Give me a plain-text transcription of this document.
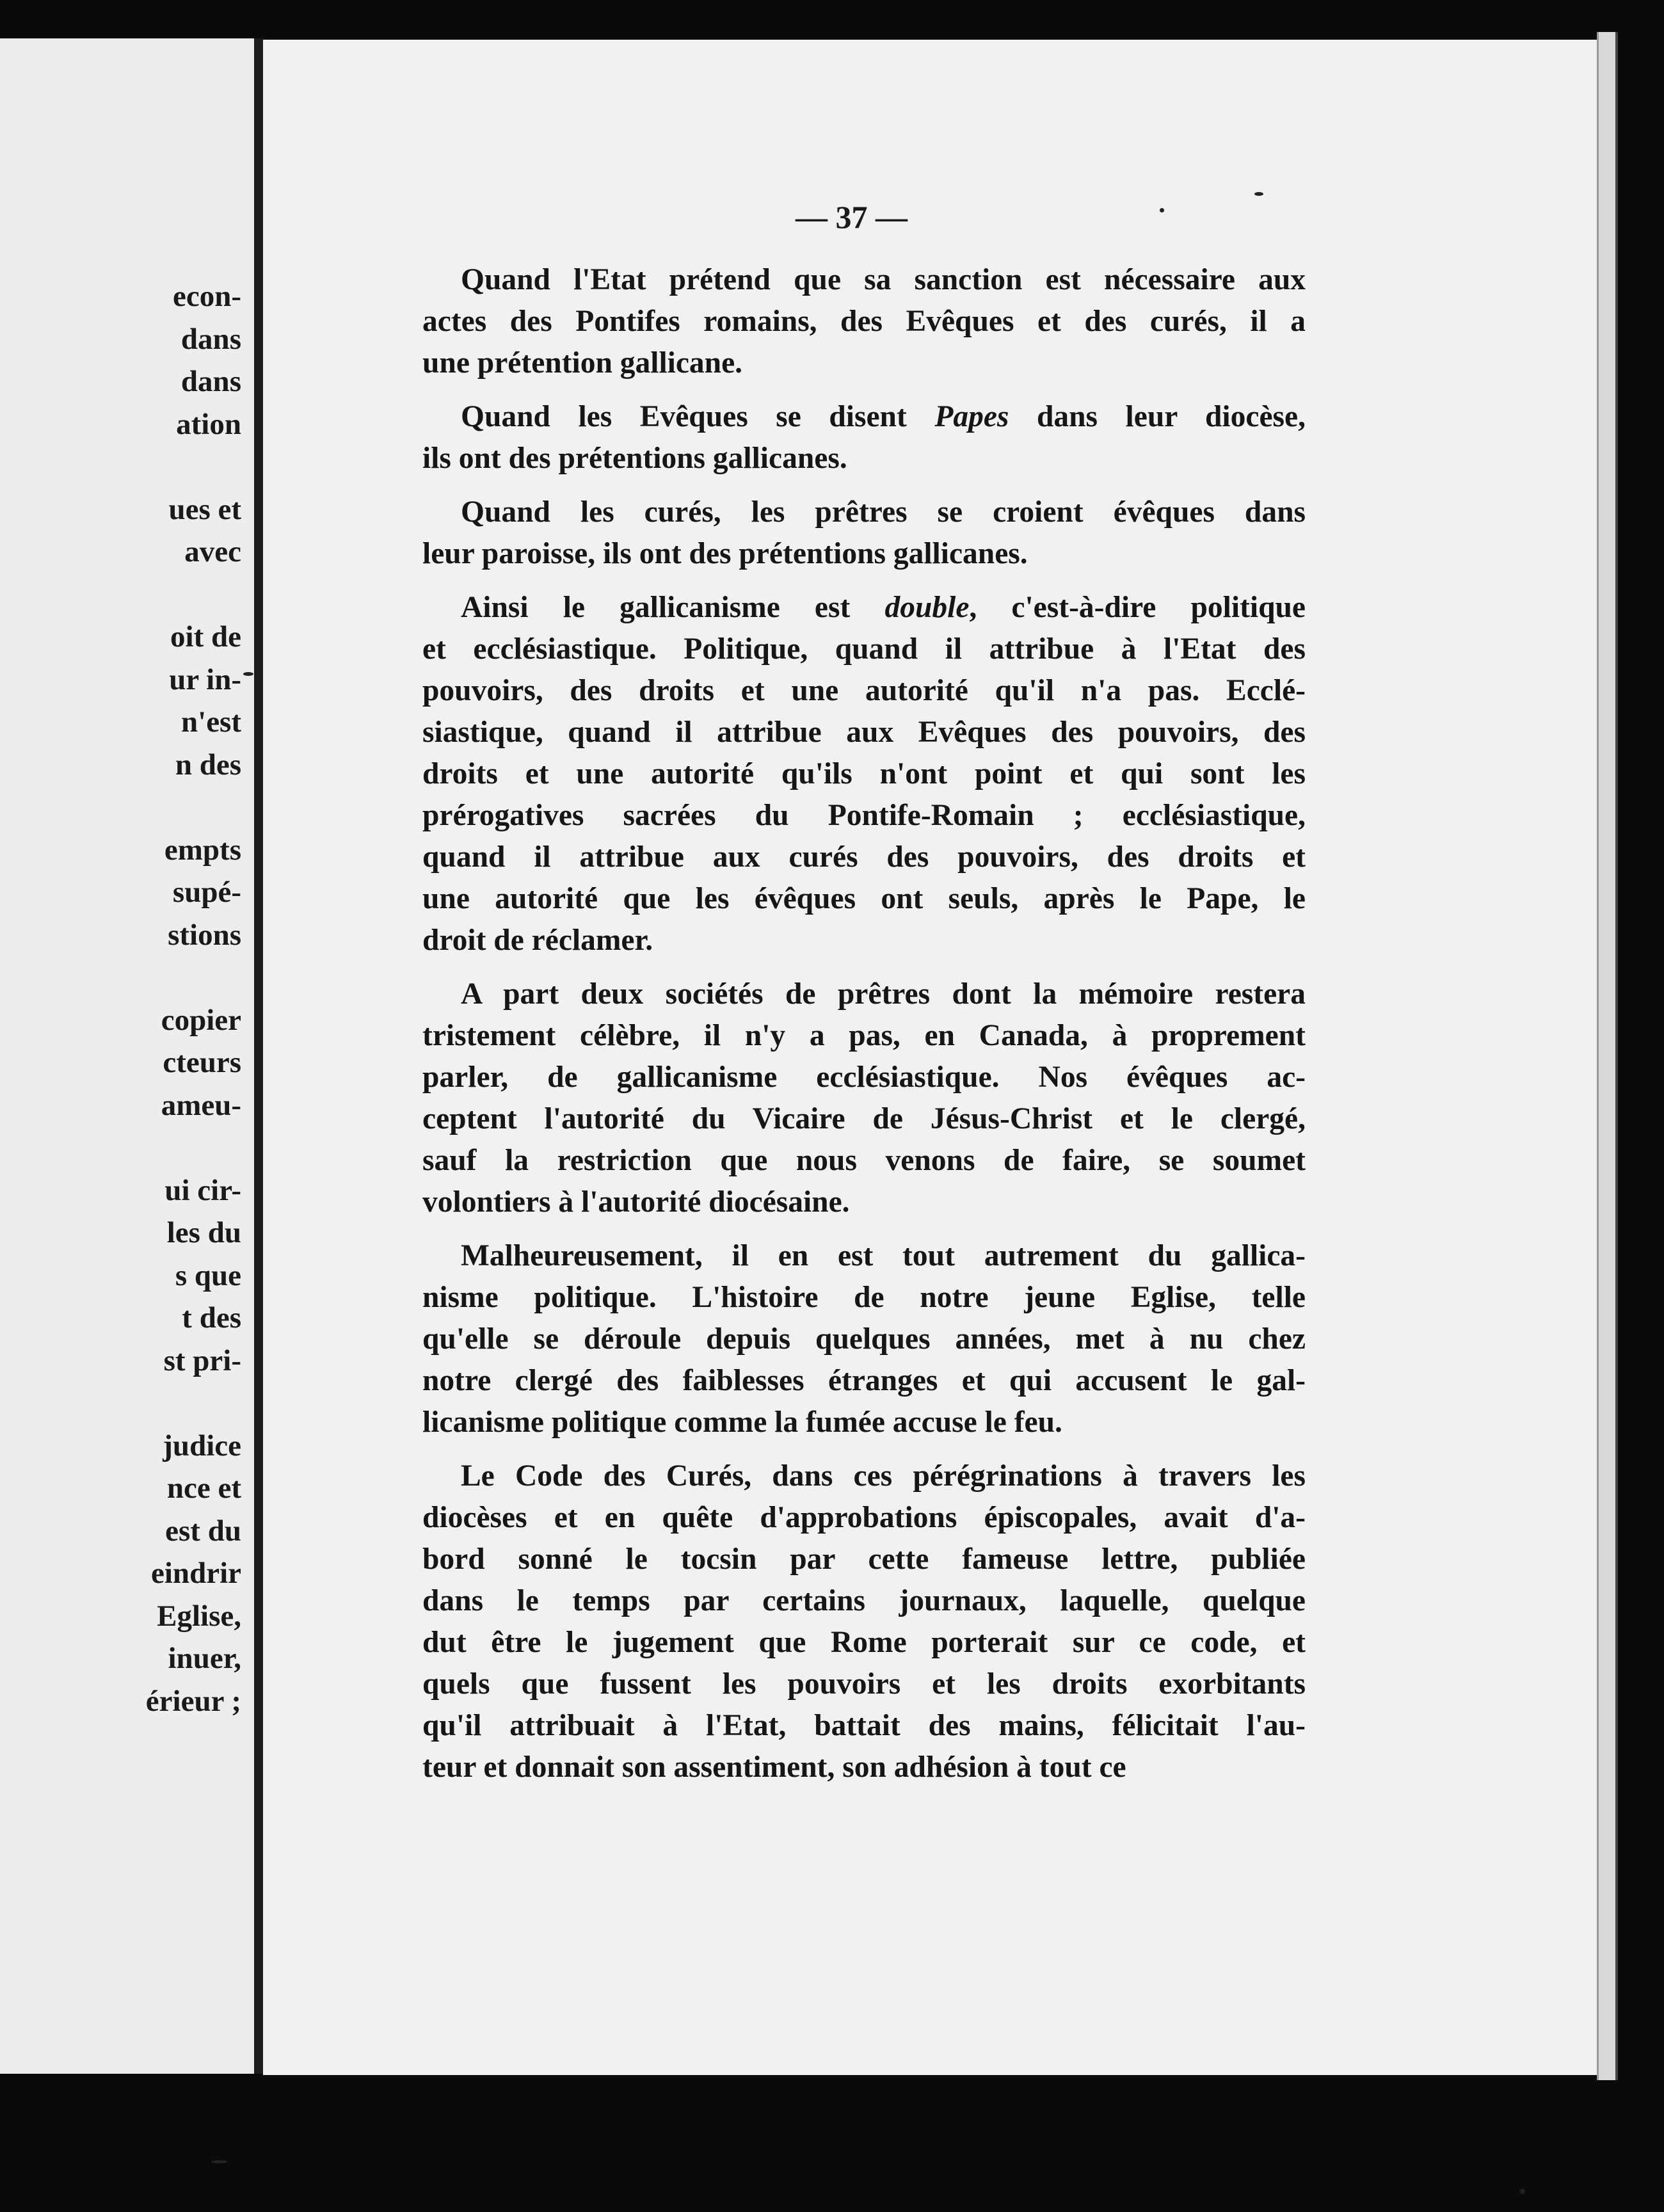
econ-
dans
dans
ation
ues et
avec
oit de
ur in-
n'est
n des
empts
supé-
stions
copier
cteurs
ameu-
ui cir-
les du
s que
t des
st pri-
judice
nce et
est du
eindrir
Eglise,
inuer,
érieur ;
— 37 —
Quand l'Etat prétend que sa sanction est nécessaire aux
actes des Pontifes romains, des Evêques et des curés, il a
une prétention gallicane.
Quand les Evêques se disent Papes dans leur diocèse,
ils ont des prétentions gallicanes.
Quand les curés, les prêtres se croient évêques dans
leur paroisse, ils ont des prétentions gallicanes.
Ainsi le gallicanisme est double, c'est-à-dire politique
et ecclésiastique. Politique, quand il attribue à l'Etat des
pouvoirs, des droits et une autorité qu'il n'a pas. Ecclé-
siastique, quand il attribue aux Evêques des pouvoirs, des
droits et une autorité qu'ils n'ont point et qui sont les
prérogatives sacrées du Pontife-Romain ; ecclésiastique,
quand il attribue aux curés des pouvoirs, des droits et
une autorité que les évêques ont seuls, après le Pape, le
droit de réclamer.
A part deux sociétés de prêtres dont la mémoire restera
tristement célèbre, il n'y a pas, en Canada, à proprement
parler, de gallicanisme ecclésiastique. Nos évêques ac-
ceptent l'autorité du Vicaire de Jésus-Christ et le clergé,
sauf la restriction que nous venons de faire, se soumet
volontiers à l'autorité diocésaine.
Malheureusement, il en est tout autrement du gallica-
nisme politique. L'histoire de notre jeune Eglise, telle
qu'elle se déroule depuis quelques années, met à nu chez
notre clergé des faiblesses étranges et qui accusent le gal-
licanisme politique comme la fumée accuse le feu.
Le Code des Curés, dans ces pérégrinations à travers les
diocèses et en quête d'approbations épiscopales, avait d'a-
bord sonné le tocsin par cette fameuse lettre, publiée
dans le temps par certains journaux, laquelle, quelque
dut être le jugement que Rome porterait sur ce code, et
quels que fussent les pouvoirs et les droits exorbitants
qu'il attribuait à l'Etat, battait des mains, félicitait l'au-
teur et donnait son assentiment, son adhésion à tout ce
